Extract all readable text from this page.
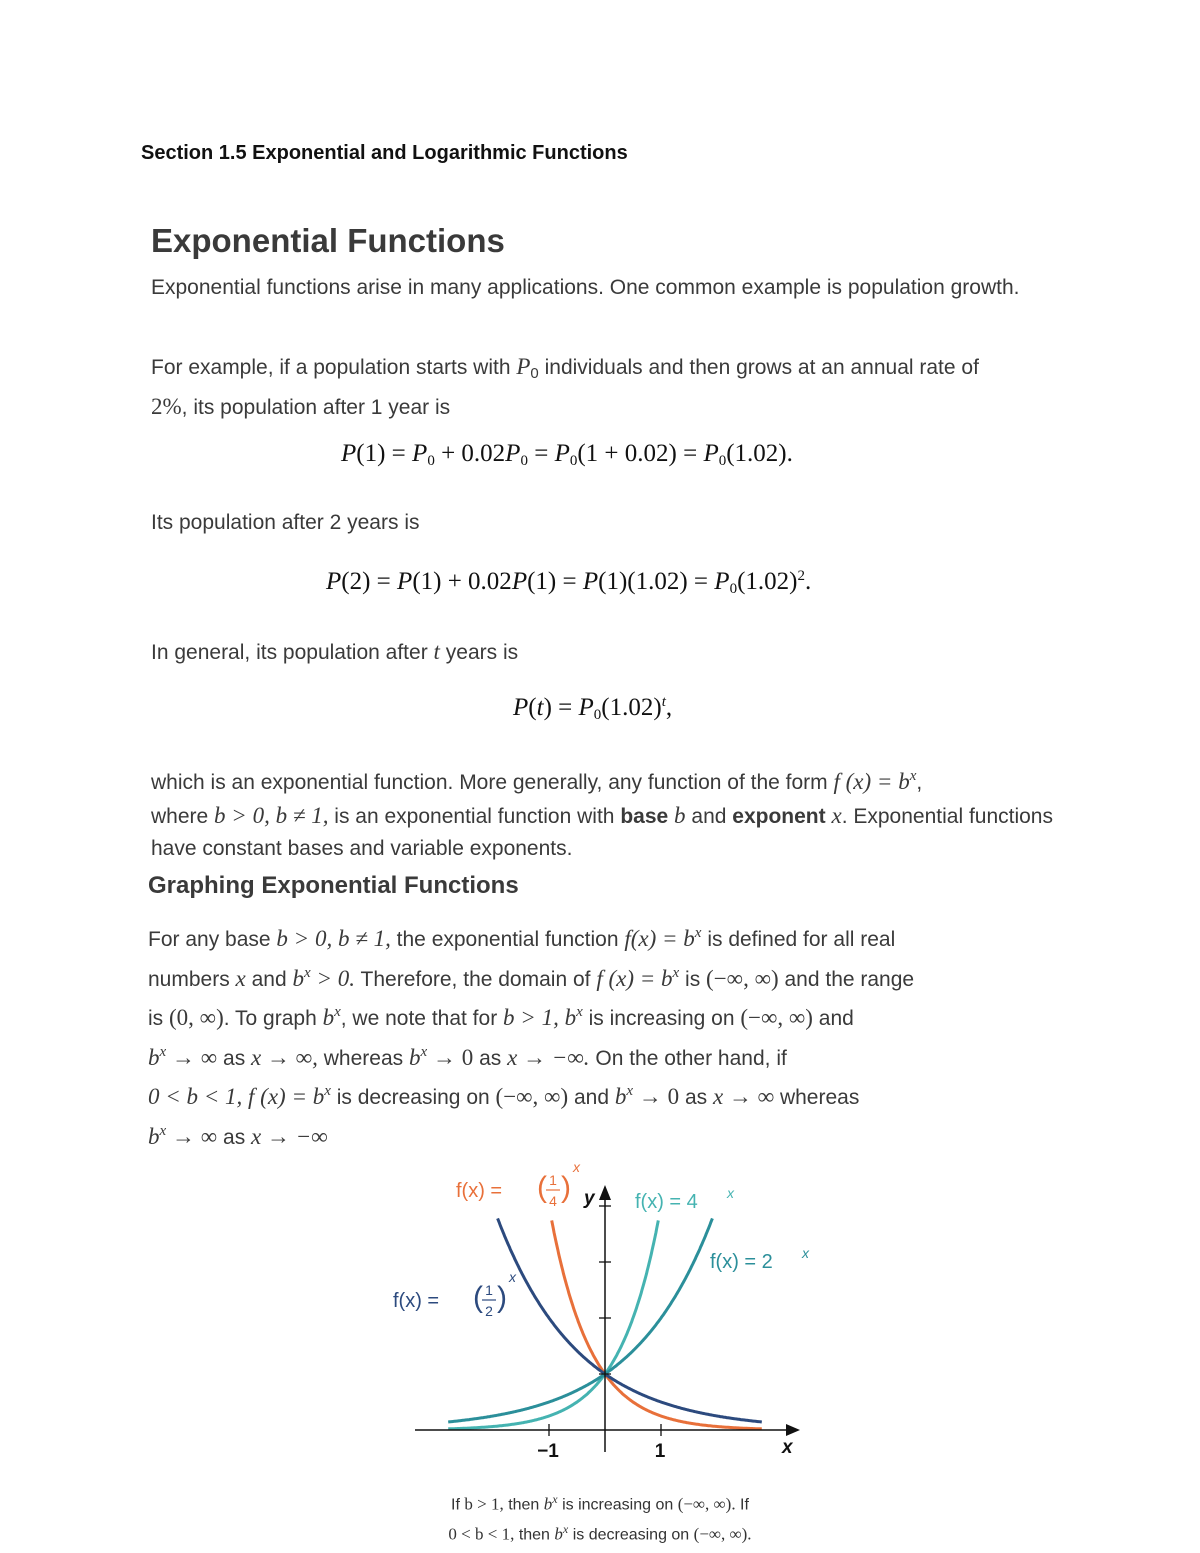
Section 1.5 Exponential and Logarithmic Functions
Exponential Functions
Exponential functions arise in many applications. One common example is population growth.
For example, if a population starts with $P_0$ individuals and then grows at an annual rate of
2%, its population after 1 year is
$P(1) = P_0 + 0.02P_0 = P_0(1 + 0.02) = P_0(1.02)$.
Its population after 2 years is
$P(2) = P(1) + 0.02P(1) = P(1)(1.02) = P_0(1.02)^2$.
In general, its population after t years is
$P(t) = P_0(1.02)^t$,
which is an exponential function. More generally, any function of the form f $(x) = b^x$,
where b > 0, b ≠ 1, is an exponential function with base b and exponent x. Exponential functions have constant bases and variable exponents.
Graphing Exponential Functions
For any base b > 0, b ≠ 1, the exponential function $f(x) = b^x$ is defined for all real
numbers x and $b^x > 0$. Therefore, the domain of f $(x) = b^x$ is (−∞, ∞) and the range
is (0, ∞). To graph $b^x$, we note that for b > 1, $b^x$ is increasing on (−∞, ∞) and
$b^x$ → ∞ as x → ∞, whereas $b^x \to 0$ as x → −∞. On the other hand, if
0 < b < 1, f $(x) = b^x$ is decreasing on (−∞, ∞) and $b^x \to 0$ as x → ∞ whereas
$b^x$ → ∞ as x → −∞
x
y
−1	1
f(x) = ( 1
4 )
x
f(x) = ( 1
2 )
x
f(x) = 4 x
f(x) = 2 x
If b > 1, then $b^x$ is increasing on (−∞, ∞). If
0 < b < 1, then $b^x$ is decreasing on (−∞, ∞).
